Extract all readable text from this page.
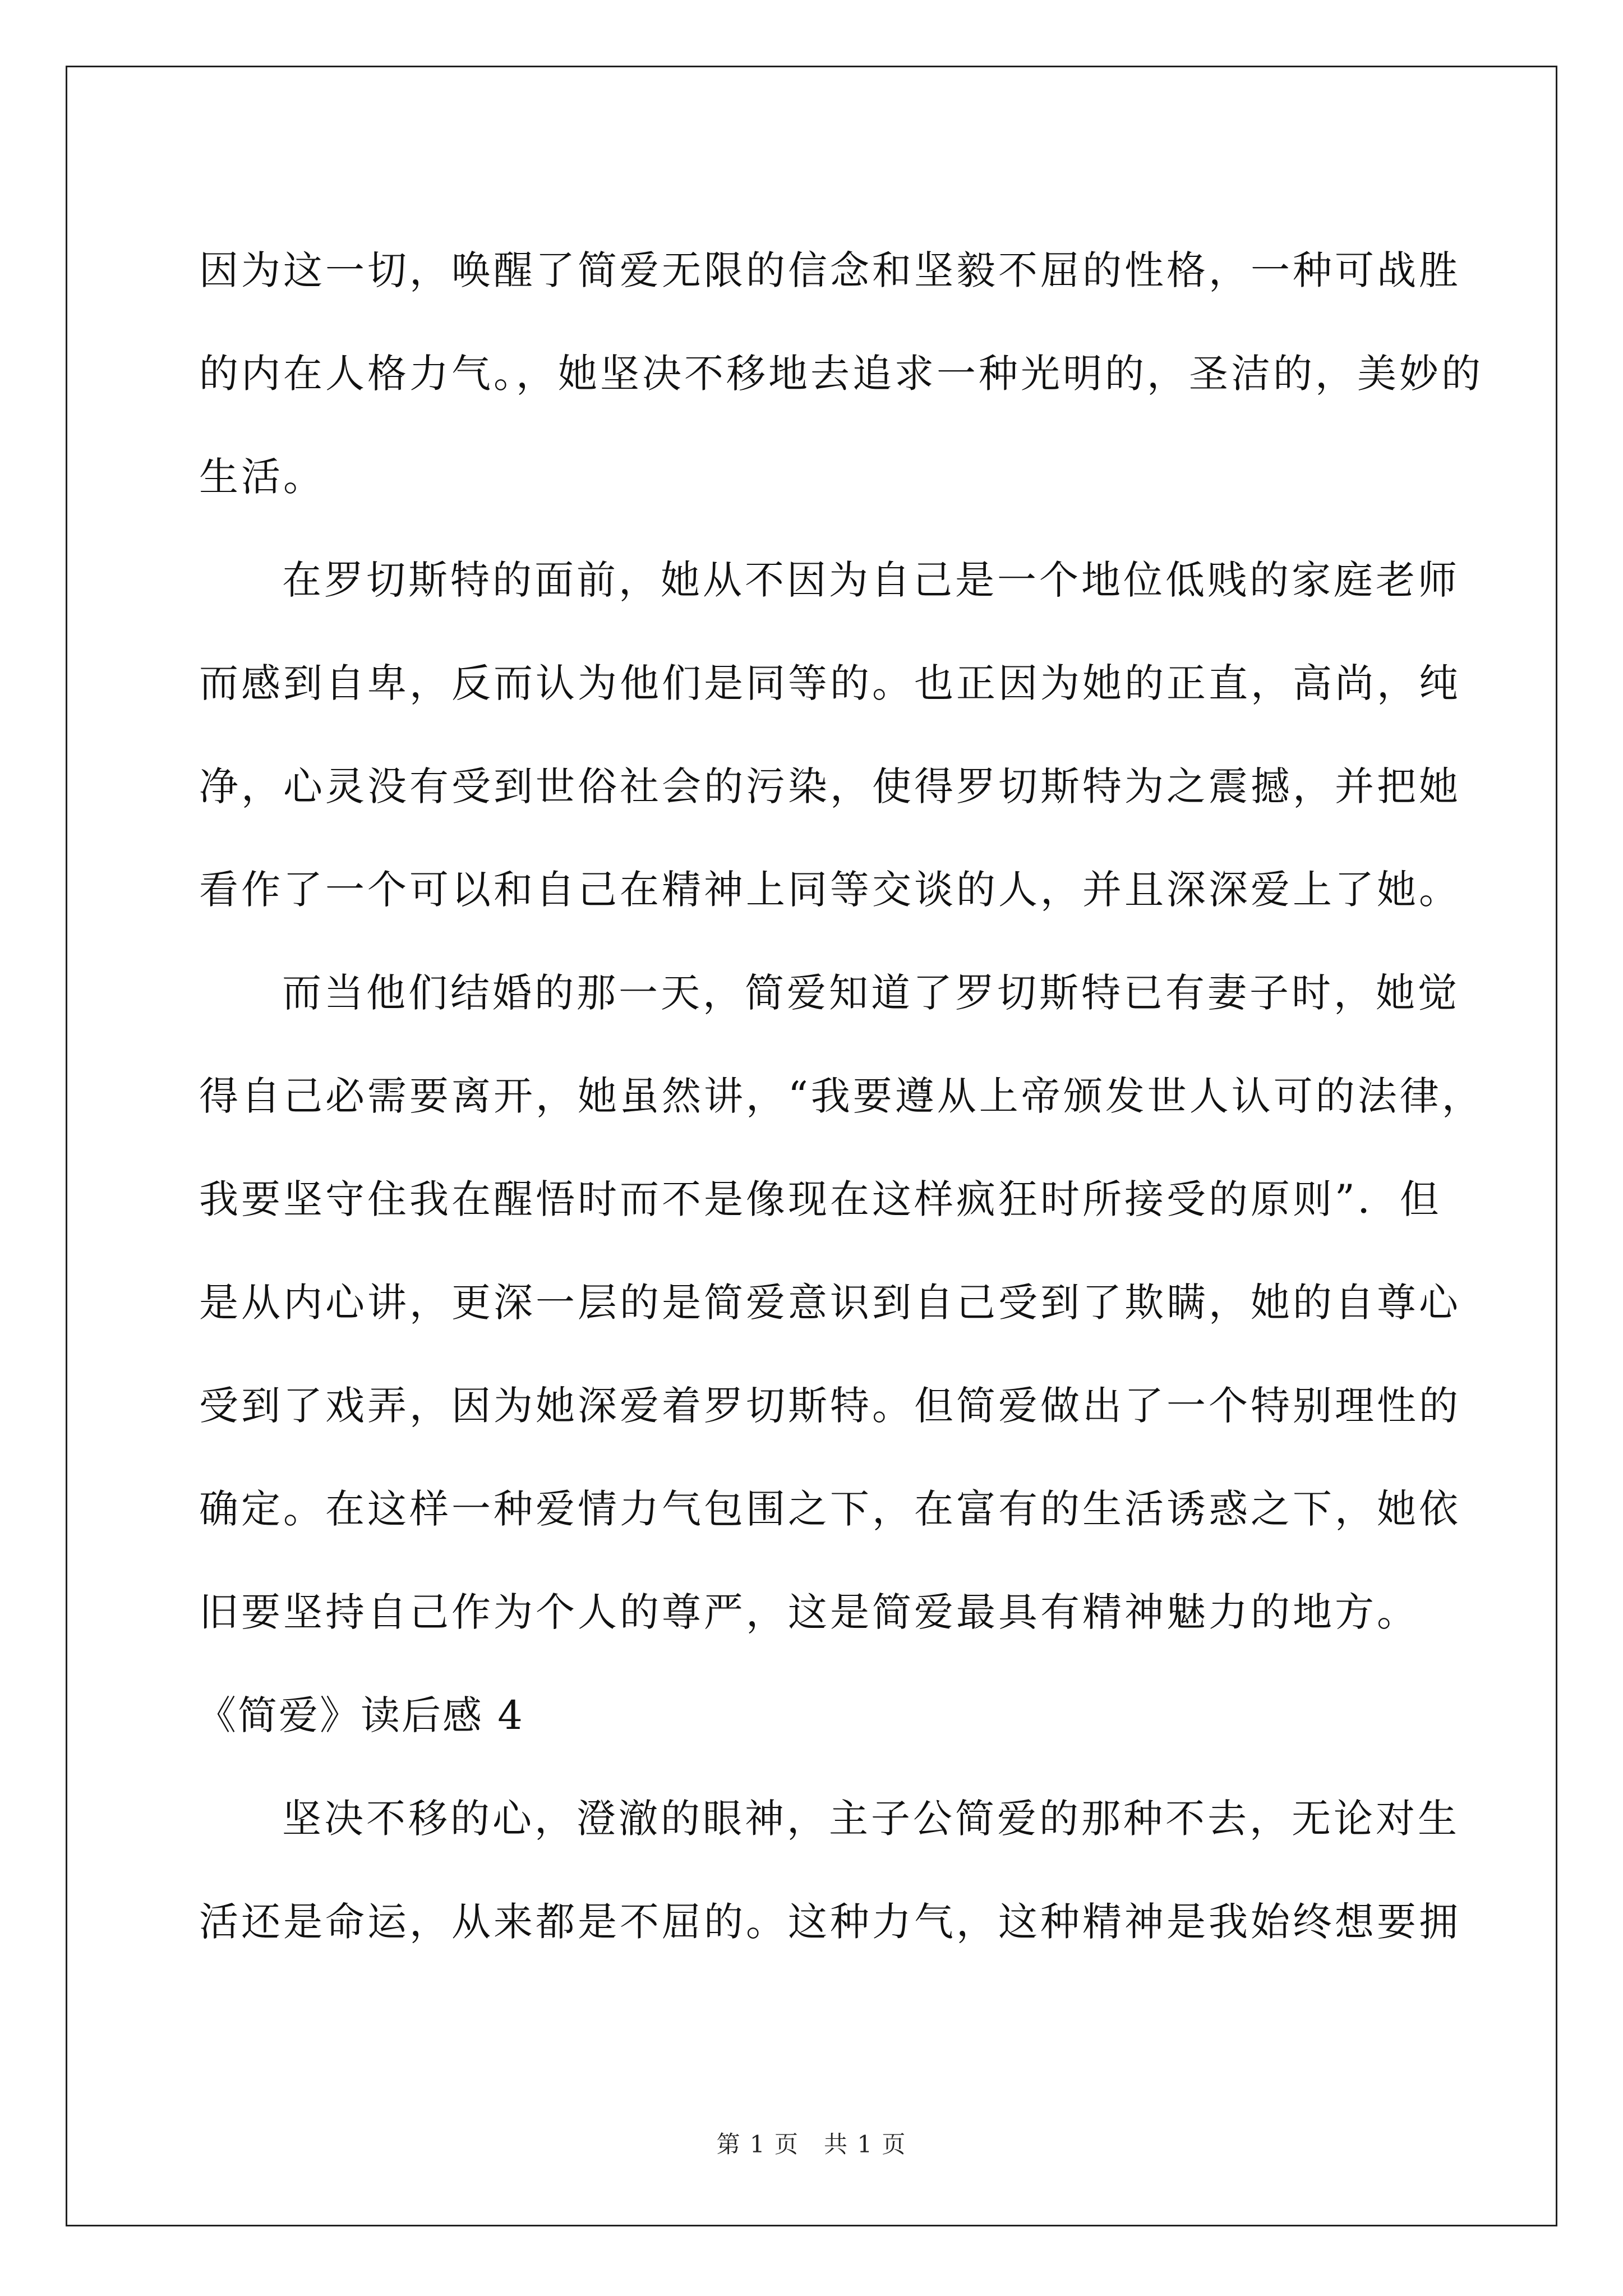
因为这一切，唤醒了简爱无限的信念和坚毅不屈的性格，一种可战胜
的内在人格力气。，她坚决不移地去追求一种光明的，圣洁的，美妙的
生活。
在罗切斯特的面前，她从不因为自己是一个地位低贱的家庭老师
而感到自卑，反而认为他们是同等的。也正因为她的正直，高尚，纯
净，心灵没有受到世俗社会的污染，使得罗切斯特为之震撼，并把她
看作了一个可以和自己在精神上同等交谈的人，并且深深爱上了她。
而当他们结婚的那一天，简爱知道了罗切斯特已有妻子时，她觉
得自己必需要离开，她虽然讲，“我要遵从上帝颁发世人认可的法律，
我要坚守住我在醒悟时而不是像现在这样疯狂时所接受的原则”．但
是从内心讲，更深一层的是简爱意识到自己受到了欺瞒，她的自尊心
受到了戏弄，因为她深爱着罗切斯特。但简爱做出了一个特别理性的
确定。在这样一种爱情力气包围之下，在富有的生活诱惑之下，她依
旧要坚持自己作为个人的尊严，这是简爱最具有精神魅力的地方。
《简爱》读后感 4
坚决不移的心，澄澈的眼神，主子公简爱的那种不去，无论对生
活还是命运，从来都是不屈的。这种力气，这种精神是我始终想要拥
第 1 页　共 1 页
